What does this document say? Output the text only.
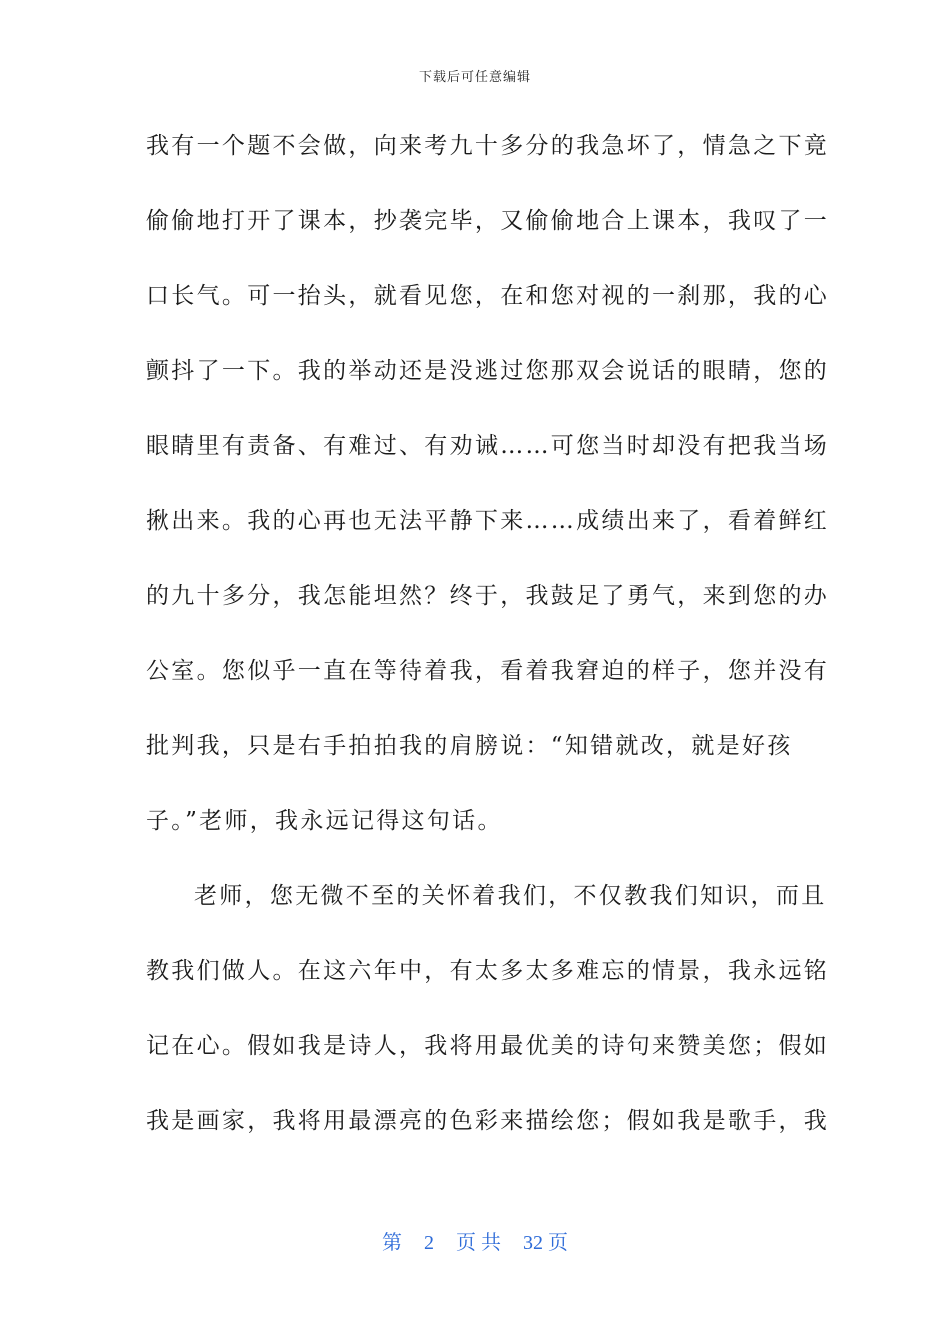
下载后可任意编辑
我有一个题不会做，向来考九十多分的我急坏了，情急之下竟
偷偷地打开了课本，抄袭完毕，又偷偷地合上课本，我叹了一
口长气。可一抬头，就看见您，在和您对视的一刹那，我的心
颤抖了一下。我的举动还是没逃过您那双会说话的眼睛，您的
眼睛里有责备、有难过、有劝诫……可您当时却没有把我当场
揪出来。我的心再也无法平静下来……成绩出来了，看着鲜红
的九十多分，我怎能坦然？终于，我鼓足了勇气，来到您的办
公室。您似乎一直在等待着我，看着我窘迫的样子，您并没有
批判我，只是右手拍拍我的肩膀说：“知错就改，就是好孩
子。”老师，我永远记得这句话。
老师，您无微不至的关怀着我们，不仅教我们知识，而且
教我们做人。在这六年中，有太多太多难忘的情景，我永远铭
记在心。假如我是诗人，我将用最优美的诗句来赞美您；假如
我是画家，我将用最漂亮的色彩来描绘您；假如我是歌手，我
第 2 页 共 32 页
